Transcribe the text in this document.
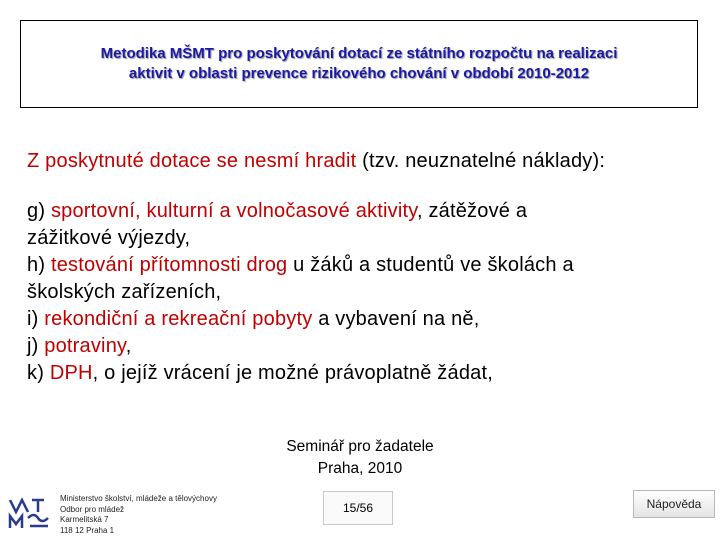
Metodika MŠMT pro poskytování dotací ze státního rozpočtu na realizaci
aktivit v oblasti prevence rizikového chování v období 2010-2012
Z poskytnuté dotace se nesmí hradit (tzv. neuznatelné náklady):
g) sportovní, kulturní a volnočasové aktivity, zátěžové a
zážitkové výjezdy,
h) testování přítomnosti drog u žáků a studentů ve školách a
školských zařízeních,
i) rekondiční a rekreační pobyty a vybavení na ně,
j) potraviny,
k) DPH, o jejíž vrácení je možné právoplatně žádat,
Seminář pro žadatele
Praha, 2010
Ministerstvo školství, mládeže a tělovýchovy
Odbor pro mládež
Karmelitská 7
118 12 Praha 1
15/56	Nápověda
